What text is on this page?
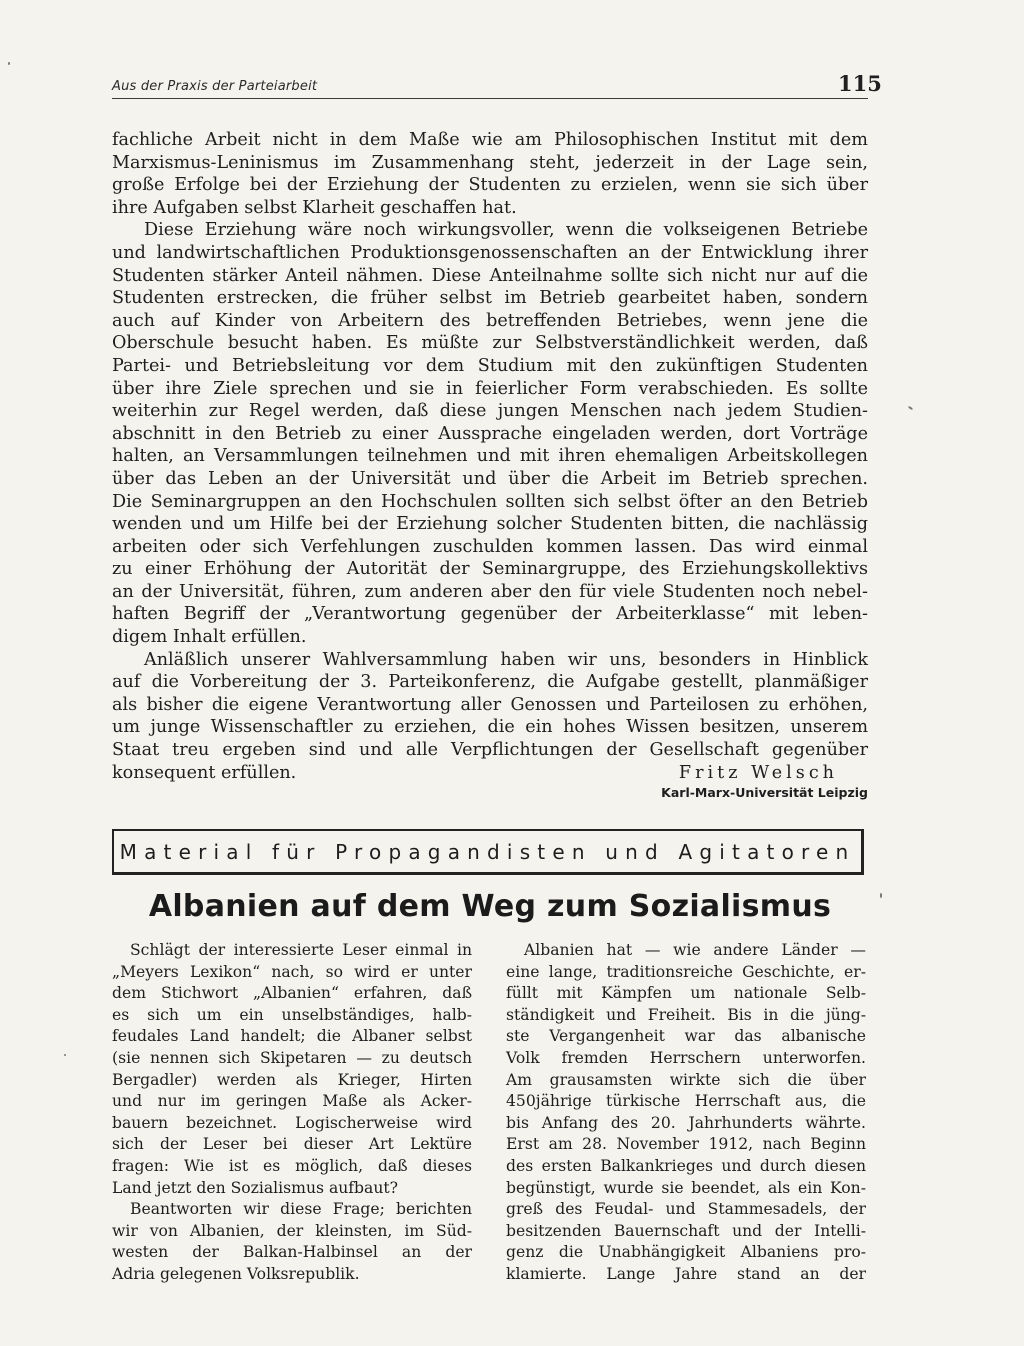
Aus der Praxis der Parteiarbeit	115

fachliche Arbeit nicht in dem Maße wie am Philosophischen Institut mit dem

Marxismus-Leninismus im Zusammenhang steht, jederzeit in der Lage sein,

große Erfolge bei der Erziehung der Studenten zu erzielen, wenn sie sich über

ihre Aufgaben selbst Klarheit geschaffen hat.

Diese Erziehung wäre noch wirkungsvoller, wenn die volkseigenen Betriebe

und landwirtschaftlichen Produktionsgenossenschaften an der Entwicklung ihrer

Studenten stärker Anteil nähmen. Diese Anteilnahme sollte sich nicht nur auf die

Studenten erstrecken, die früher selbst im Betrieb gearbeitet haben, sondern

auch auf Kinder von Arbeitern des betreffenden Betriebes, wenn jene die

Oberschule besucht haben. Es müßte zur Selbstverständlichkeit werden, daß

Partei- und Betriebsleitung vor dem Studium mit den zukünftigen Studenten

über ihre Ziele sprechen und sie in feierlicher Form verabschieden. Es sollte

weiterhin zur Regel werden, daß diese jungen Menschen nach jedem Studien-

abschnitt in den Betrieb zu einer Aussprache eingeladen werden, dort Vorträge

halten, an Versammlungen teilnehmen und mit ihren ehemaligen Arbeitskollegen

über das Leben an der Universität und über die Arbeit im Betrieb sprechen.

Die Seminargruppen an den Hochschulen sollten sich selbst öfter an den Betrieb

wenden und um Hilfe bei der Erziehung solcher Studenten bitten, die nachlässig

arbeiten oder sich Verfehlungen zuschulden kommen lassen. Das wird einmal

zu einer Erhöhung der Autorität der Seminargruppe, des Erziehungskollektivs

an der Universität, führen, zum anderen aber den für viele Studenten noch nebel-

haften Begriff der „Verantwortung gegenüber der Arbeiterklasse“ mit leben-

digem Inhalt erfüllen.

Anläßlich unserer Wahlversammlung haben wir uns, besonders in Hinblick

auf die Vorbereitung der 3. Parteikonferenz, die Aufgabe gestellt, planmäßiger

als bisher die eigene Verantwortung aller Genossen und Parteilosen zu erhöhen,

um junge Wissenschaftler zu erziehen, die ein hohes Wissen besitzen, unserem

Staat treu ergeben sind und alle Verpflichtungen der Gesellschaft gegenüber

konsequent erfüllen.	Fritz Welsch
Karl-Marx-Universität Leipzig
Material für Propagandisten und Agitatoren
Albanien auf dem Weg zum Sozialismus

Schlägt der interessierte Leser einmal in

„Meyers Lexikon“ nach, so wird er unter

dem Stichwort „Albanien“ erfahren, daß

es sich um ein unselbständiges, halb-

feudales Land handelt; die Albaner selbst

(sie nennen sich Skipetaren — zu deutsch

Bergadler) werden als Krieger, Hirten

und nur im geringen Maße als Acker-

bauern bezeichnet. Logischerweise wird

sich der Leser bei dieser Art Lektüre

fragen: Wie ist es möglich, daß dieses

Land jetzt den Sozialismus aufbaut?

Beantworten wir diese Frage; berichten

wir von Albanien, der kleinsten, im Süd-

westen der Balkan-Halbinsel an der

Adria gelegenen Volksrepublik.

Albanien hat — wie andere Länder —

eine lange, traditionsreiche Geschichte, er-

füllt mit Kämpfen um nationale Selb-

ständigkeit und Freiheit. Bis in die jüng-

ste Vergangenheit war das albanische

Volk fremden Herrschern unterworfen.

Am grausamsten wirkte sich die über

450jährige türkische Herrschaft aus, die

bis Anfang des 20. Jahrhunderts währte.

Erst am 28. November 1912, nach Beginn

des ersten Balkankrieges und durch diesen

begünstigt, wurde sie beendet, als ein Kon-

greß des Feudal- und Stammesadels, der

besitzenden Bauernschaft und der Intelli-

genz die Unabhängigkeit Albaniens pro-

klamierte. Lange Jahre stand an der
